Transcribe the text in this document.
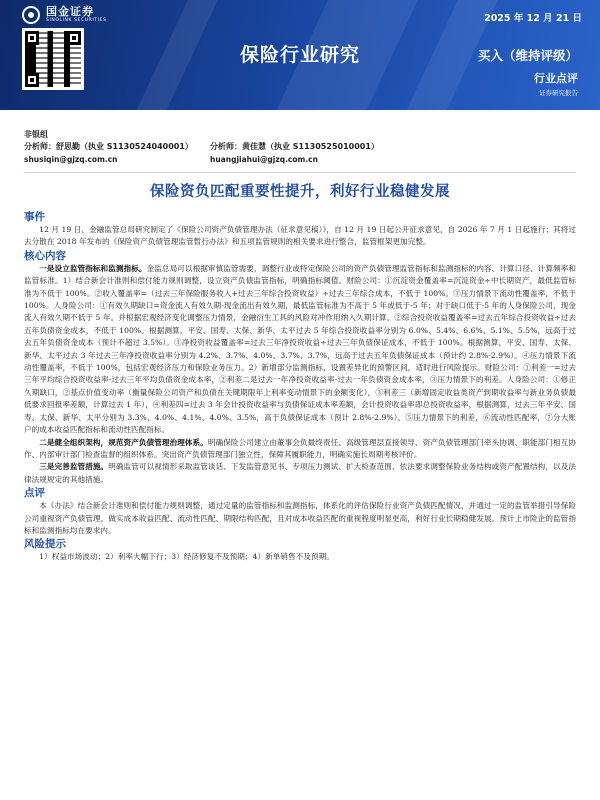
国金证券
SINOLINK SECURITIES	2025 年 12 月 21 日
保险行业研究	买入（维持评级）
行业点评
证券研究报告
非银组
分析师：舒思勤（执业 S1130524040001）
shusiqin@gjzq.com.cn
分析师：黄佳慧（执业 S1130525010001）
huangjiahui@gjzq.com.cn
保险资负匹配重要性提升，利好行业稳健发展
事件
12 月 19 日，金融监管总局研究制定了《保险公司资产负债管理办法（征求意见稿）》，自 12 月 19 日起公开征求意见，自 2026 年 7 月 1 日起施行；其将过去分散在 2018 年发布的《保险资产负债管理监管暂行办法》和五项监管规则的相关要求进行整合，监管框架更加完整。
核心内容
一是设立监管指标和监测指标。金监总局可以根据审慎监管需要，调整行业或特定保险公司的资产负债管理监管指标和监测指标的内容、计算口径、计算频率和监管标准。1）结合新会计准则和偿付能力规则调整，设立资产负债监管指标，明确指标阈值。财险公司：①沉淀资金覆盖率=沉淀资金÷中长期资产，最低监管标准为不低于 100%。②收入覆盖率=（过去三年保险服务收入+过去三年综合投资收益）÷过去三年综合成本，不低于 100%。③压力情景下流动性覆盖率，不低于 100%。人身险公司：①有效久期缺口=资金流入有效久期-现金流出有效久期，最低监管标准为不高于 5 年或低于-5 年；对于缺口低于-5 年的人身保险公司，现金流入有效久期不低于 5 年。并根据宏观经济变化调整压力情景，金融衍生工具的风险对冲作用纳入久期计算。②综合投资收益覆盖率=过去五年综合投资收益÷过去五年负债资金成本，不低于 100%。根据测算，平安、国寿、太保、新华、太平过去 5 年综合投资收益率分别为 6.0%、5.4%、6.6%、5.1%、5.5%，远高于过去五年负债资金成本（预计不超过 3.5%）。③净投资收益覆盖率=过去三年净投资收益÷过去三年负债保证成本，不低于 100%。根据测算，平安、国寿、太保、新华、太平过去 3 年过去三年净投资收益率分别为 4.2%、3.7%、4.0%、3.7%、3.7%，远高于过去五年负债保证成本（预计约 2.8%-2.9%）。④压力情景下流动性覆盖率，不低于 100%，包括宏观经济压力和保险业务压力。2）新增部分监测指标，设置差异化的预警区间，适时进行风险提示。财险公司：①利差一=过去三年平均综合投资收益率-过去三年平均负债资金成本率，②利差二是过去一年净投资收益率-过去一年负债资金成本率，③压力情景下的利差。人身险公司：①修正久期缺口，②基点价值变动率（衡量保险公司资产和负债在关键期限年上利率变动情景下的金额变化），③利差三（新增固定收益类资产到期收益率与新业务负债最低要求回报率差额，计算过去 1 年），④利差四=过去 3 年会计投资收益率与负债保证成本率差额，会计投资收益率即总投资收益率，根据测算，过去三年平安、国寿、太保、新华、太平分别为 3.3%、4.0%、4.1%、4.0%、3.5%，高于负债保证成本（预计 2.8%-2.9%），⑤压力情景下的利差，⑥流动性匹配率，⑦分大账户的成本收益匹配指标和流动性匹配指标。
二是健全组织架构，规范资产负债管理治理体系。明确保险公司建立由董事会负最终责任、高级管理层直接领导、资产负债管理部门牵头协调、职能部门相互协作、内部审计部门检查监督的组织体系。突出资产负债管理部门独立性，保障其履职能力，明确实施长周期考核评价。
三是完善监管措施。明确监管可以视情形采取监管谈话、下发监管意见书、专项压力测试、扩大检查范围、依法要求调整保险业务结构或资产配置结构，以及法律法规规定的其他措施。
点评
本《办法》结合新会计准则和偿付能力规则调整，通过定量的监管指标和监测指标，体系化的评估保险行业资产负债匹配情况，并通过一定的监管举措引导保险公司重视资产负债管理，做实成本收益匹配、流动性匹配、期限结构匹配，且对成本收益匹配的重视程度明显更高，利好行业长期稳健发展。预计上市险企的监管指标和监测指标均在要求内。
风险提示
1）权益市场波动；2）利率大幅下行；3）经济修复不及预期；4）新单销售不及预期。
